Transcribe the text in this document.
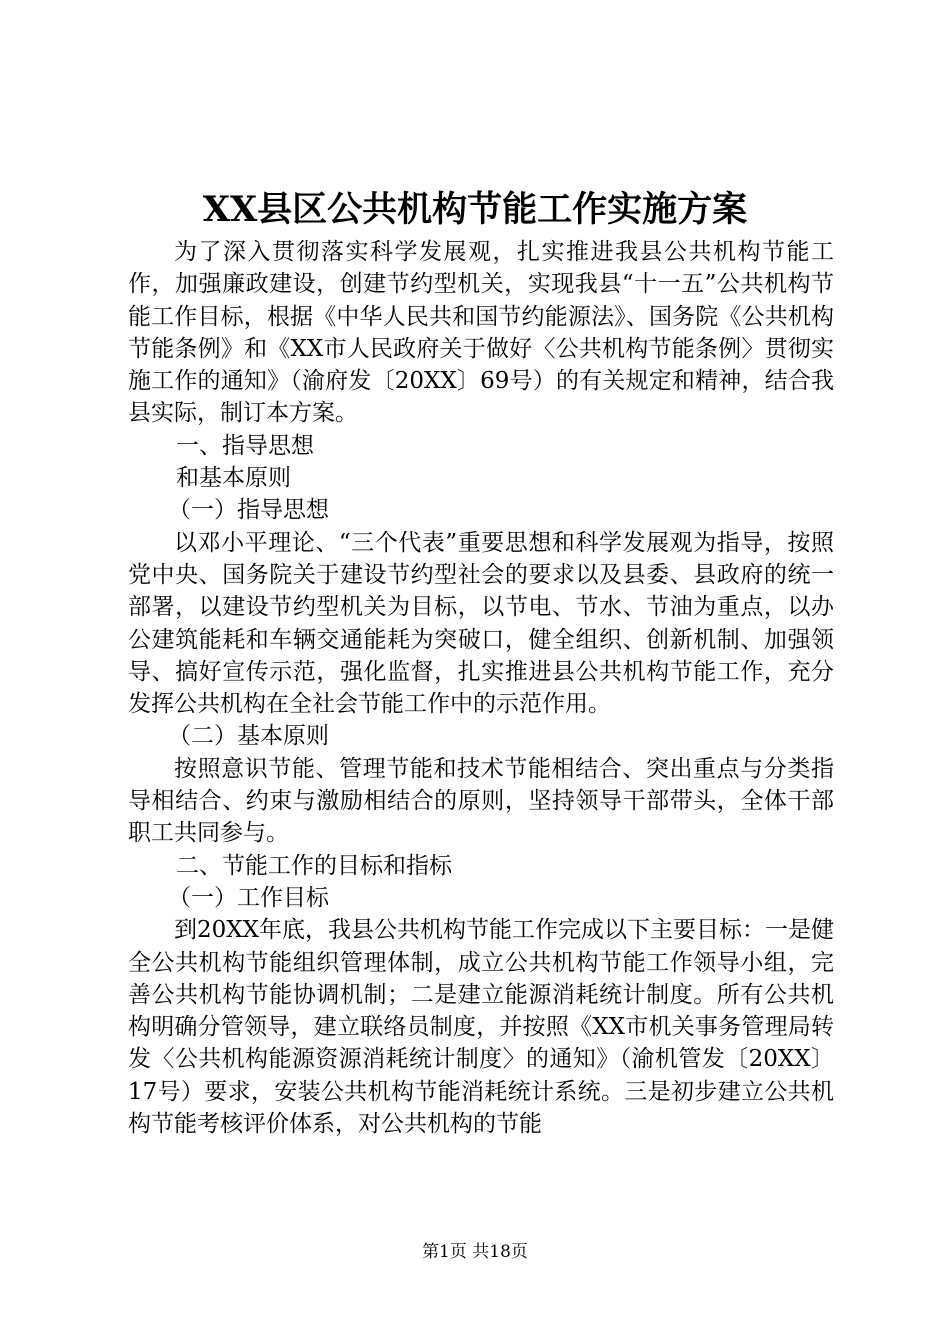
XX县区公共机构节能工作实施方案

为了深入贯彻落实科学发展观，扎实推进我县公共机构节能工作，加强廉政建设，创建节约型机关，实现我县“十一五”公共机构节能工作目标，根据《中华人民共和国节约能源法》、国务院《公共机构节能条例》和《XX市人民政府关于做好〈公共机构节能条例〉贯彻实施工作的通知》（渝府发〔20XX〕69号）的有关规定和精神，结合我县实际，制订本方案。

一、指导思想

和基本原则

（一）指导思想

以邓小平理论、“三个代表”重要思想和科学发展观为指导，按照党中央、国务院关于建设节约型社会的要求以及县委、县政府的统一部署，以建设节约型机关为目标，以节电、节水、节油为重点，以办公建筑能耗和车辆交通能耗为突破口，健全组织、创新机制、加强领导、搞好宣传示范，强化监督，扎实推进县公共机构节能工作，充分发挥公共机构在全社会节能工作中的示范作用。

（二）基本原则

按照意识节能、管理节能和技术节能相结合、突出重点与分类指导相结合、约束与激励相结合的原则，坚持领导干部带头，全体干部职工共同参与。

二、节能工作的目标和指标

（一）工作目标

到20XX年底，我县公共机构节能工作完成以下主要目标：一是健全公共机构节能组织管理体制，成立公共机构节能工作领导小组，完善公共机构节能协调机制；二是建立能源消耗统计制度。所有公共机构明确分管领导，建立联络员制度，并按照《XX市机关事务管理局转发〈公共机构能源资源消耗统计制度〉的通知》（渝机管发〔20XX〕17号）要求，安装公共机构节能消耗统计系统。三是初步建立公共机构节能考核评价体系，对公共机构的节能

第1页 共18页
